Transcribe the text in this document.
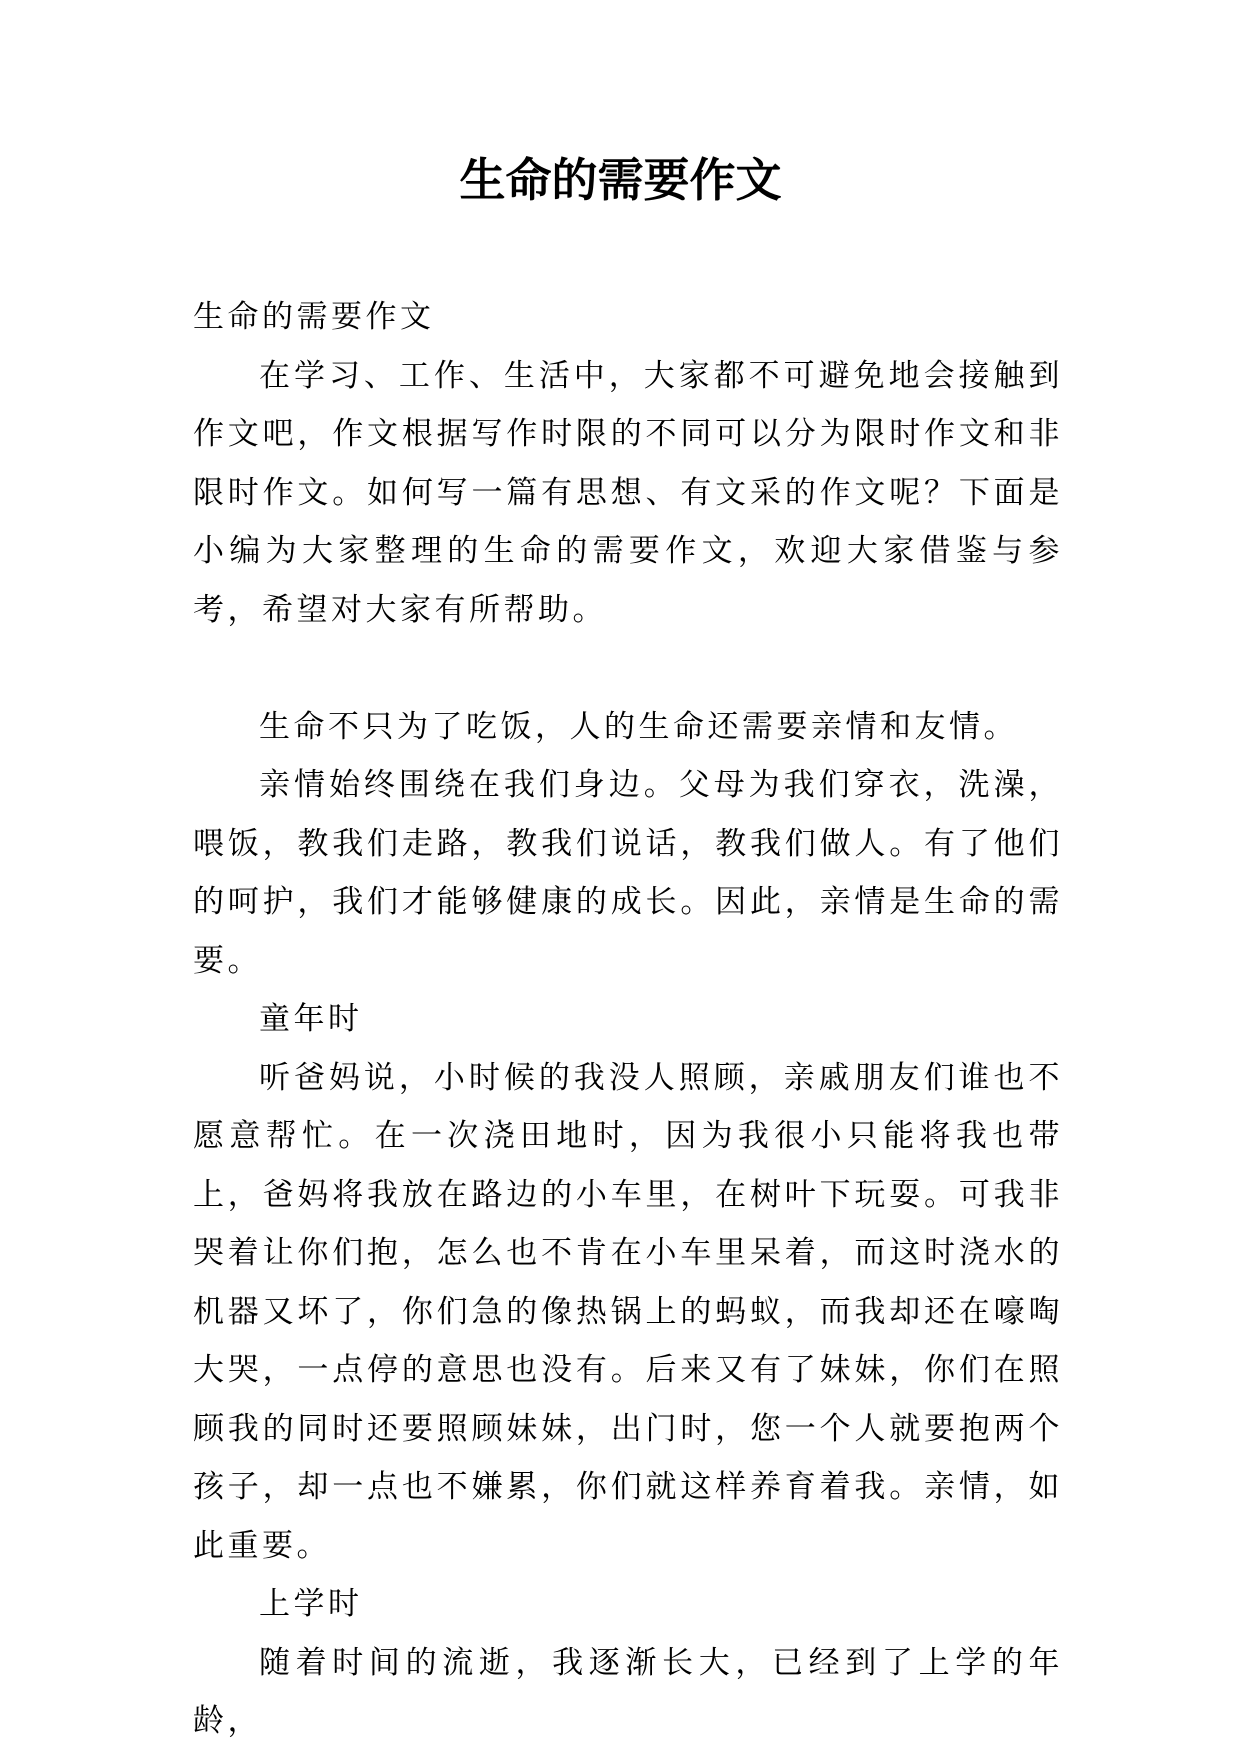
生命的需要作文

生命的需要作文

在学习、工作、生活中，大家都不可避免地会接触到作文吧，作文根据写作时限的不同可以分为限时作文和非限时作文。如何写一篇有思想、有文采的作文呢？下面是小编为大家整理的生命的需要作文，欢迎大家借鉴与参考，希望对大家有所帮助。

生命不只为了吃饭，人的生命还需要亲情和友情。

亲情始终围绕在我们身边。父母为我们穿衣，洗澡，喂饭，教我们走路，教我们说话，教我们做人。有了他们的呵护，我们才能够健康的成长。因此，亲情是生命的需要。

童年时

听爸妈说，小时候的我没人照顾，亲戚朋友们谁也不愿意帮忙。在一次浇田地时，因为我很小只能将我也带上，爸妈将我放在路边的小车里，在树叶下玩耍。可我非哭着让你们抱，怎么也不肯在小车里呆着，而这时浇水的机器又坏了，你们急的像热锅上的蚂蚁，而我却还在嚎啕大哭，一点停的意思也没有。后来又有了妹妹，你们在照顾我的同时还要照顾妹妹，出门时，您一个人就要抱两个孩子，却一点也不嫌累，你们就这样养育着我。亲情，如此重要。

上学时

随着时间的流逝，我逐渐长大，已经到了上学的年龄，
